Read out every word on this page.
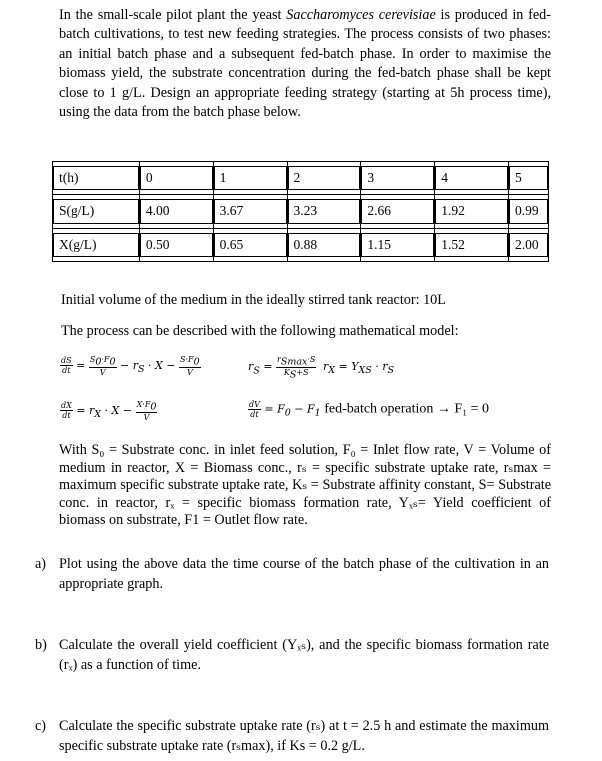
In the small-scale pilot plant the yeast Saccharomyces cerevisiae is produced in fed-batch cultivations, to test new feeding strategies. The process consists of two phases: an initial batch phase and a subsequent fed-batch phase. In order to maximise the biomass yield, the substrate concentration during the fed-batch phase shall be kept close to 1 g/L. Design an appropriate feeding strategy (starting at 5h process time), using the data from the batch phase below.

t(h)	0	1	2	3	4	5

S(g/L)	4.00	3.67	3.23	2.66	1.92	0.99

X(g/L)	0.50	0.65	0.88	1.15	1.52	2.00

Initial volume of the medium in the ideally stirred tank reactor: 10L

The process can be described with the following mathematical model:

$\frac{dS}{dt} = \frac{S_0\cdot F_0}{V} - r_S \cdot X - \frac{S\cdot F_0}{V}$	$r_S = \frac{r_{Smax}\cdot S}{K_S+S} r_X = Y_{XS} \cdot r_S$
$\frac{dX}{dt} = r_X \cdot X - \frac{X\cdot F_0}{V}$	$\frac{dV}{dt} = F_0 - F_1$ fed-batch operation → F₁ = 0

With S₀ = Substrate conc. in inlet feed solution, F₀ = Inlet flow rate, V = Volume of medium in reactor, X = Biomass conc., rₛ = specific substrate uptake rate, rₛmax = maximum specific substrate uptake rate, Kₛ = Substrate affinity constant, S= Substrate conc. in reactor, rₓ = specific biomass formation rate, Yₓₛ= Yield coefficient of biomass on substrate, F1 = Outlet flow rate.

a) Plot using the above data the time course of the batch phase of the cultivation in an appropriate graph.

b) Calculate the overall yield coefficient (Yₓₛ), and the specific biomass formation rate (rₓ) as a function of time.

c) Calculate the specific substrate uptake rate (rₛ) at t = 2.5 h and estimate the maximum specific substrate uptake rate (rₛmax), if Ks = 0.2 g/L.
